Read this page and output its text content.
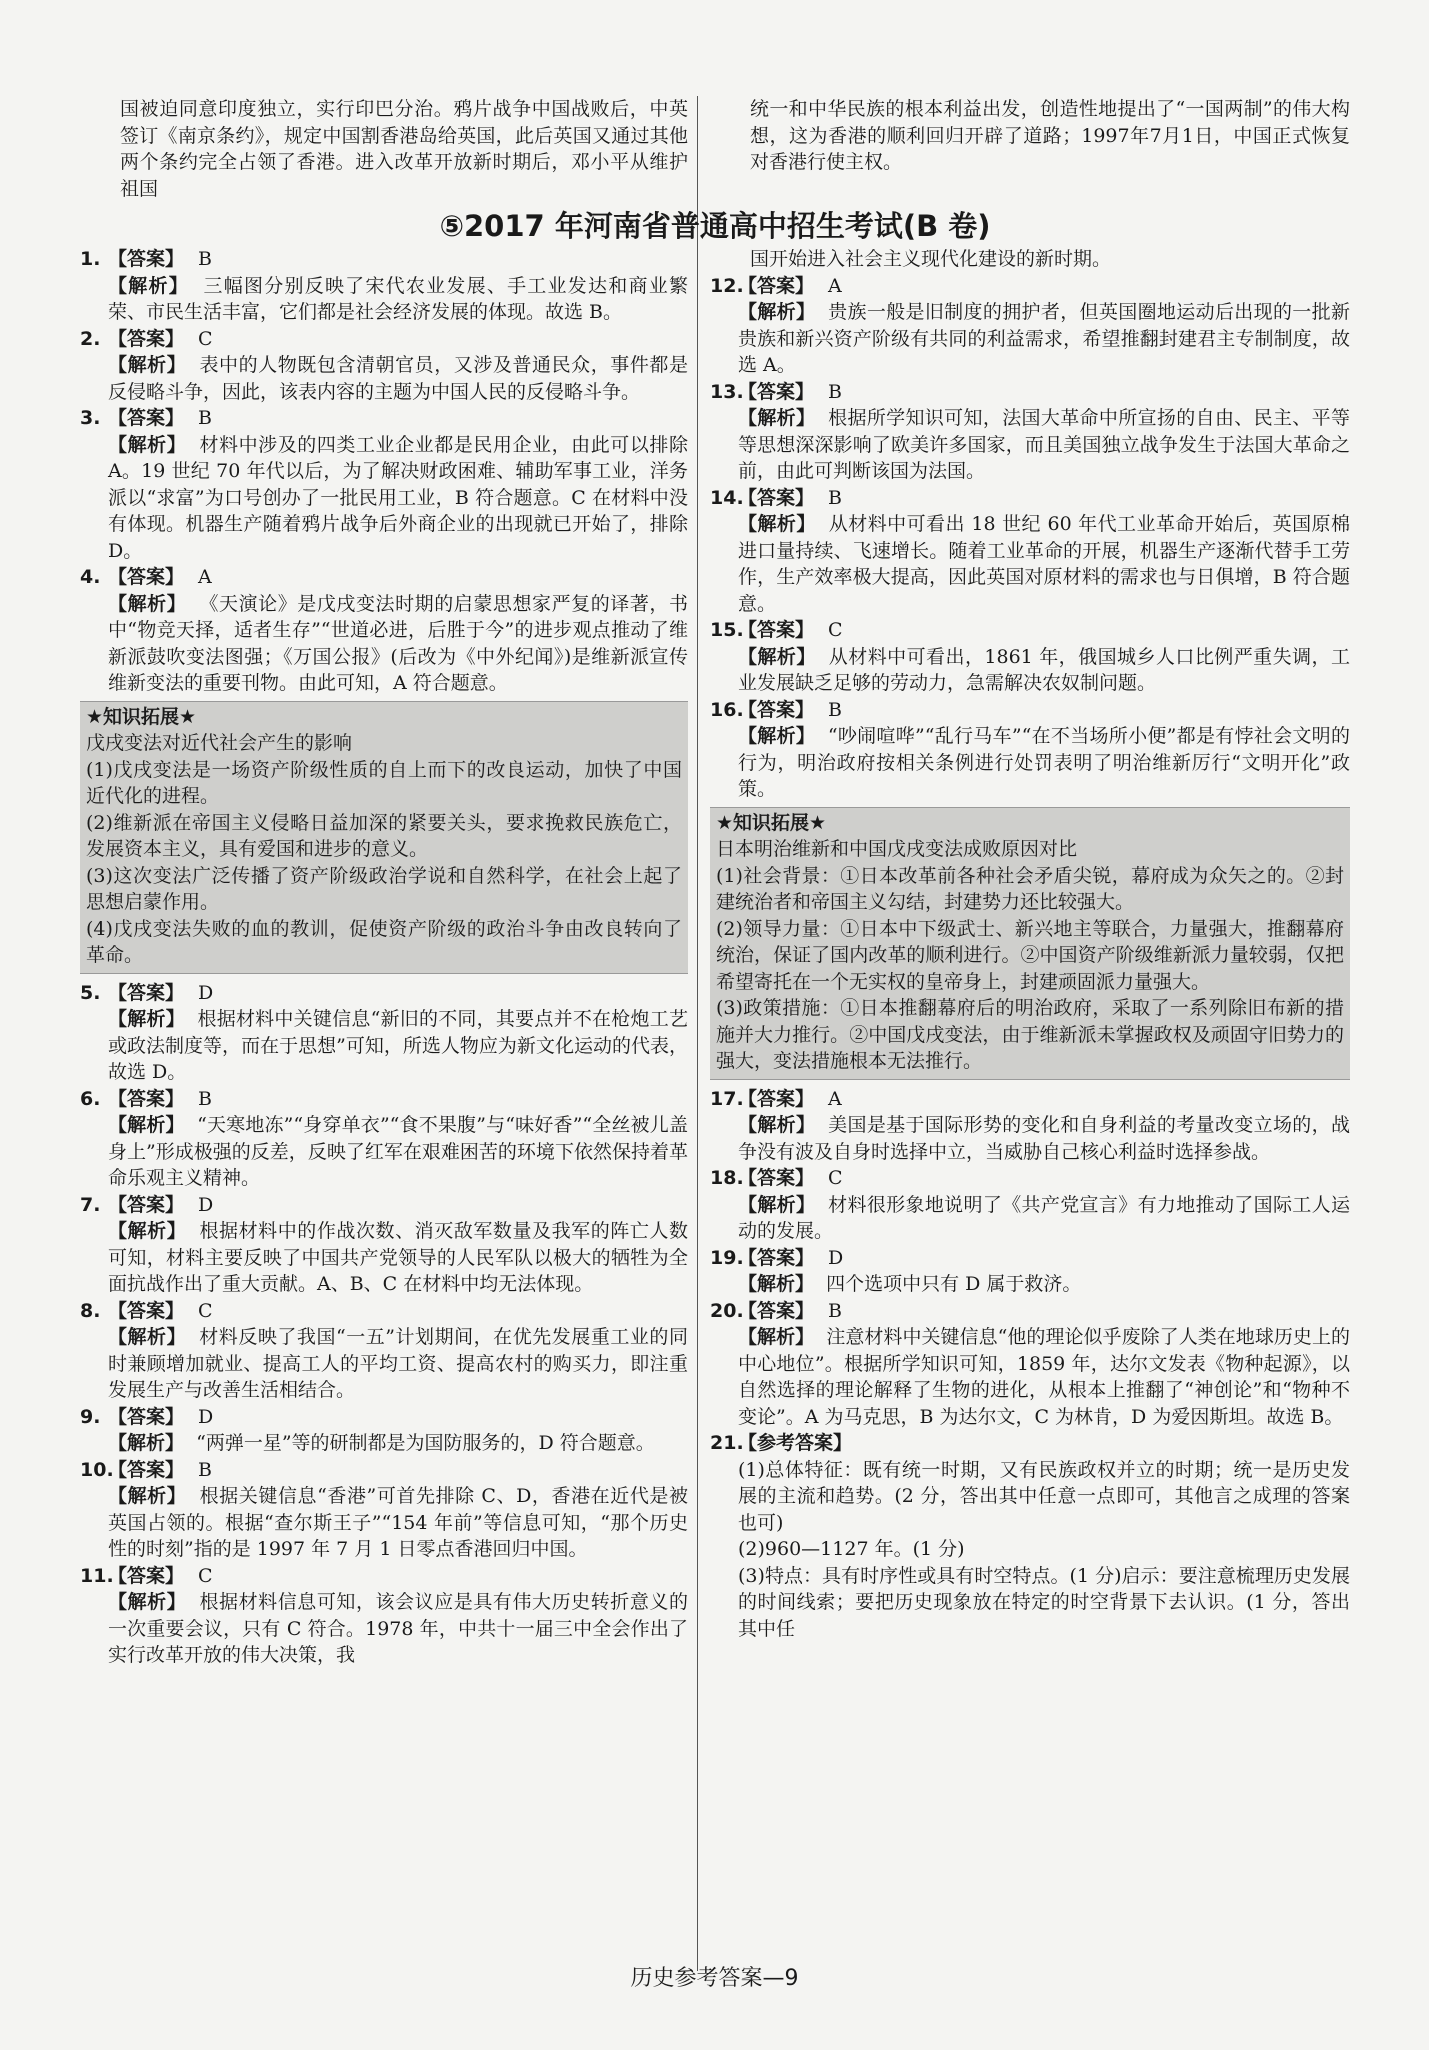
国被迫同意印度独立，实行印巴分治。鸦片战争中国战败后，中英签订《南京条约》，规定中国割香港岛给英国，此后英国又通过其他两个条约完全占领了香港。进入改革开放新时期后，邓小平从维护祖国

统一和中华民族的根本利益出发，创造性地提出了“一国两制”的伟大构想，这为香港的顺利回归开辟了道路；1997年7月1日，中国正式恢复对香港行使主权。

⑤2017 年河南省普通高中招生考试(B 卷)
1. 【答案】 B
【解析】 三幅图分别反映了宋代农业发展、手工业发达和商业繁荣、市民生活丰富，它们都是社会经济发展的体现。故选 B。
2. 【答案】 C
【解析】 表中的人物既包含清朝官员，又涉及普通民众，事件都是反侵略斗争，因此，该表内容的主题为中国人民的反侵略斗争。
3. 【答案】 B
【解析】 材料中涉及的四类工业企业都是民用企业，由此可以排除 A。19 世纪 70 年代以后，为了解决财政困难、辅助军事工业，洋务派以“求富”为口号创办了一批民用工业，B 符合题意。C 在材料中没有体现。机器生产随着鸦片战争后外商企业的出现就已开始了，排除 D。
4. 【答案】 A
【解析】 《天演论》是戊戌变法时期的启蒙思想家严复的译著，书中“物竞天择，适者生存”“世道必进，后胜于今”的进步观点推动了维新派鼓吹变法图强；《万国公报》(后改为《中外纪闻》)是维新派宣传维新变法的重要刊物。由此可知，A 符合题意。
★知识拓展★
戊戌变法对近代社会产生的影响
(1)戊戌变法是一场资产阶级性质的自上而下的改良运动，加快了中国近代化的进程。
(2)维新派在帝国主义侵略日益加深的紧要关头，要求挽救民族危亡，发展资本主义，具有爱国和进步的意义。
(3)这次变法广泛传播了资产阶级政治学说和自然科学，在社会上起了思想启蒙作用。
(4)戊戌变法失败的血的教训，促使资产阶级的政治斗争由改良转向了革命。
5. 【答案】 D
【解析】 根据材料中关键信息“新旧的不同，其要点并不在枪炮工艺或政法制度等，而在于思想”可知，所选人物应为新文化运动的代表，故选 D。
6. 【答案】 B
【解析】 “天寒地冻”“身穿单衣”“食不果腹”与“味好香”“全丝被儿盖身上”形成极强的反差，反映了红军在艰难困苦的环境下依然保持着革命乐观主义精神。
7. 【答案】 D
【解析】 根据材料中的作战次数、消灭敌军数量及我军的阵亡人数可知，材料主要反映了中国共产党领导的人民军队以极大的牺牲为全面抗战作出了重大贡献。A、B、C 在材料中均无法体现。
8. 【答案】 C
【解析】 材料反映了我国“一五”计划期间，在优先发展重工业的同时兼顾增加就业、提高工人的平均工资、提高农村的购买力，即注重发展生产与改善生活相结合。
9. 【答案】 D
【解析】 “两弹一星”等的研制都是为国防服务的，D 符合题意。
10.【答案】 B
【解析】 根据关键信息“香港”可首先排除 C、D，香港在近代是被英国占领的。根据“查尔斯王子”“154 年前”等信息可知，“那个历史性的时刻”指的是 1997 年 7 月 1 日零点香港回归中国。
11.【答案】 C
【解析】 根据材料信息可知，该会议应是具有伟大历史转折意义的一次重要会议，只有 C 符合。1978 年，中共十一届三中全会作出了实行改革开放的伟大决策，我

国开始进入社会主义现代化建设的新时期。

12.【答案】 A
【解析】 贵族一般是旧制度的拥护者，但英国圈地运动后出现的一批新贵族和新兴资产阶级有共同的利益需求，希望推翻封建君主专制制度，故选 A。
13.【答案】 B
【解析】 根据所学知识可知，法国大革命中所宣扬的自由、民主、平等等思想深深影响了欧美许多国家，而且美国独立战争发生于法国大革命之前，由此可判断该国为法国。
14.【答案】 B
【解析】 从材料中可看出 18 世纪 60 年代工业革命开始后，英国原棉进口量持续、飞速增长。随着工业革命的开展，机器生产逐渐代替手工劳作，生产效率极大提高，因此英国对原材料的需求也与日俱增，B 符合题意。
15.【答案】 C
【解析】 从材料中可看出，1861 年，俄国城乡人口比例严重失调，工业发展缺乏足够的劳动力，急需解决农奴制问题。
16.【答案】 B
【解析】 “吵闹喧哗”“乱行马车”“在不当场所小便”都是有悖社会文明的行为，明治政府按相关条例进行处罚表明了明治维新厉行“文明开化”政策。
★知识拓展★
日本明治维新和中国戊戌变法成败原因对比
(1)社会背景：①日本改革前各种社会矛盾尖锐，幕府成为众矢之的。②封建统治者和帝国主义勾结，封建势力还比较强大。
(2)领导力量：①日本中下级武士、新兴地主等联合，力量强大，推翻幕府统治，保证了国内改革的顺利进行。②中国资产阶级维新派力量较弱，仅把希望寄托在一个无实权的皇帝身上，封建顽固派力量强大。
(3)政策措施：①日本推翻幕府后的明治政府，采取了一系列除旧布新的措施并大力推行。②中国戊戌变法，由于维新派未掌握政权及顽固守旧势力的强大，变法措施根本无法推行。
17.【答案】 A
【解析】 美国是基于国际形势的变化和自身利益的考量改变立场的，战争没有波及自身时选择中立，当威胁自己核心利益时选择参战。
18.【答案】 C
【解析】 材料很形象地说明了《共产党宣言》有力地推动了国际工人运动的发展。
19.【答案】 D
【解析】 四个选项中只有 D 属于救济。
20.【答案】 B
【解析】 注意材料中关键信息“他的理论似乎废除了人类在地球历史上的中心地位”。根据所学知识可知，1859 年，达尔文发表《物种起源》，以自然选择的理论解释了生物的进化，从根本上推翻了“神创论”和“物种不变论”。A 为马克思，B 为达尔文，C 为林肯，D 为爱因斯坦。故选 B。
21.【参考答案】
(1)总体特征：既有统一时期，又有民族政权并立的时期；统一是历史发展的主流和趋势。(2 分，答出其中任意一点即可，其他言之成理的答案也可)
(2)960—1127 年。(1 分)
(3)特点：具有时序性或具有时空特点。(1 分)启示：要注意梳理历史发展的时间线索；要把历史现象放在特定的时空背景下去认识。(1 分，答出其中任
历史参考答案—9
